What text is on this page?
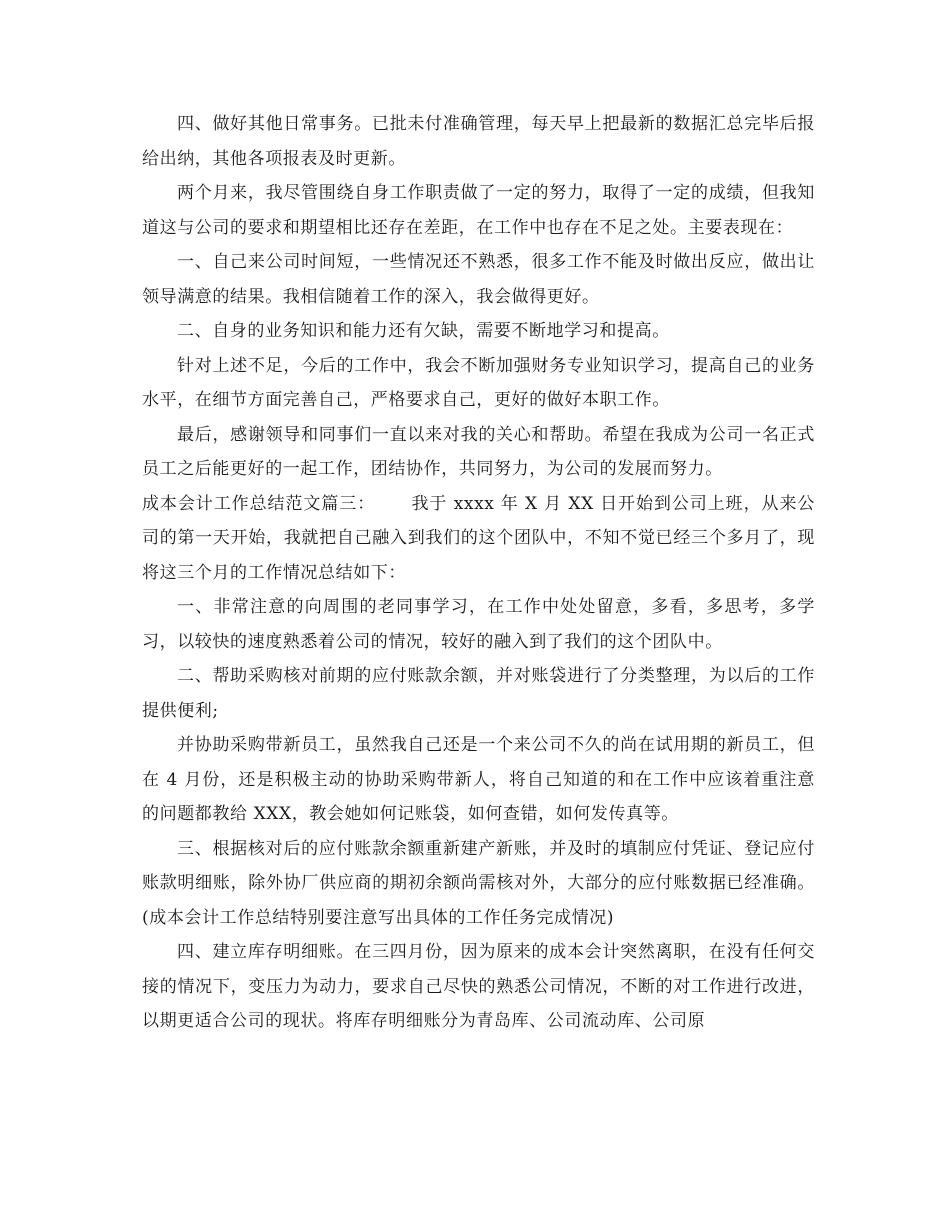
四、做好其他日常事务。已批未付准确管理，每天早上把最新的数据汇总完毕后报给出纳，其他各项报表及时更新。

两个月来，我尽管围绕自身工作职责做了一定的努力，取得了一定的成绩，但我知道这与公司的要求和期望相比还存在差距，在工作中也存在不足之处。主要表现在：

一、自己来公司时间短，一些情况还不熟悉，很多工作不能及时做出反应，做出让领导满意的结果。我相信随着工作的深入，我会做得更好。

二、自身的业务知识和能力还有欠缺，需要不断地学习和提高。

针对上述不足，今后的工作中，我会不断加强财务专业知识学习，提高自己的业务水平，在细节方面完善自己，严格要求自己，更好的做好本职工作。

最后，感谢领导和同事们一直以来对我的关心和帮助。希望在我成为公司一名正式员工之后能更好的一起工作，团结协作，共同努力，为公司的发展而努力。

成本会计工作总结范文篇三： 我于 xxxx 年 X 月 XX 日开始到公司上班，从来公司的第一天开始，我就把自己融入到我们的这个团队中，不知不觉已经三个多月了，现将这三个月的工作情况总结如下：

一、非常注意的向周围的老同事学习，在工作中处处留意，多看，多思考，多学习，以较快的速度熟悉着公司的情况，较好的融入到了我们的这个团队中。

二、帮助采购核对前期的应付账款余额，并对账袋进行了分类整理，为以后的工作提供便利;

并协助采购带新员工，虽然我自己还是一个来公司不久的尚在试用期的新员工，但在 4 月份，还是积极主动的协助采购带新人，将自己知道的和在工作中应该着重注意的问题都教给 XXX，教会她如何记账袋，如何查错，如何发传真等。

三、根据核对后的应付账款余额重新建产新账，并及时的填制应付凭证、登记应付账款明细账，除外协厂供应商的期初余额尚需核对外，大部分的应付账数据已经准确。(成本会计工作总结特别要注意写出具体的工作任务完成情况)

四、建立库存明细账。在三四月份，因为原来的成本会计突然离职，在没有任何交接的情况下，变压力为动力，要求自己尽快的熟悉公司情况，不断的对工作进行改进，以期更适合公司的现状。将库存明细账分为青岛库、公司流动库、公司原
